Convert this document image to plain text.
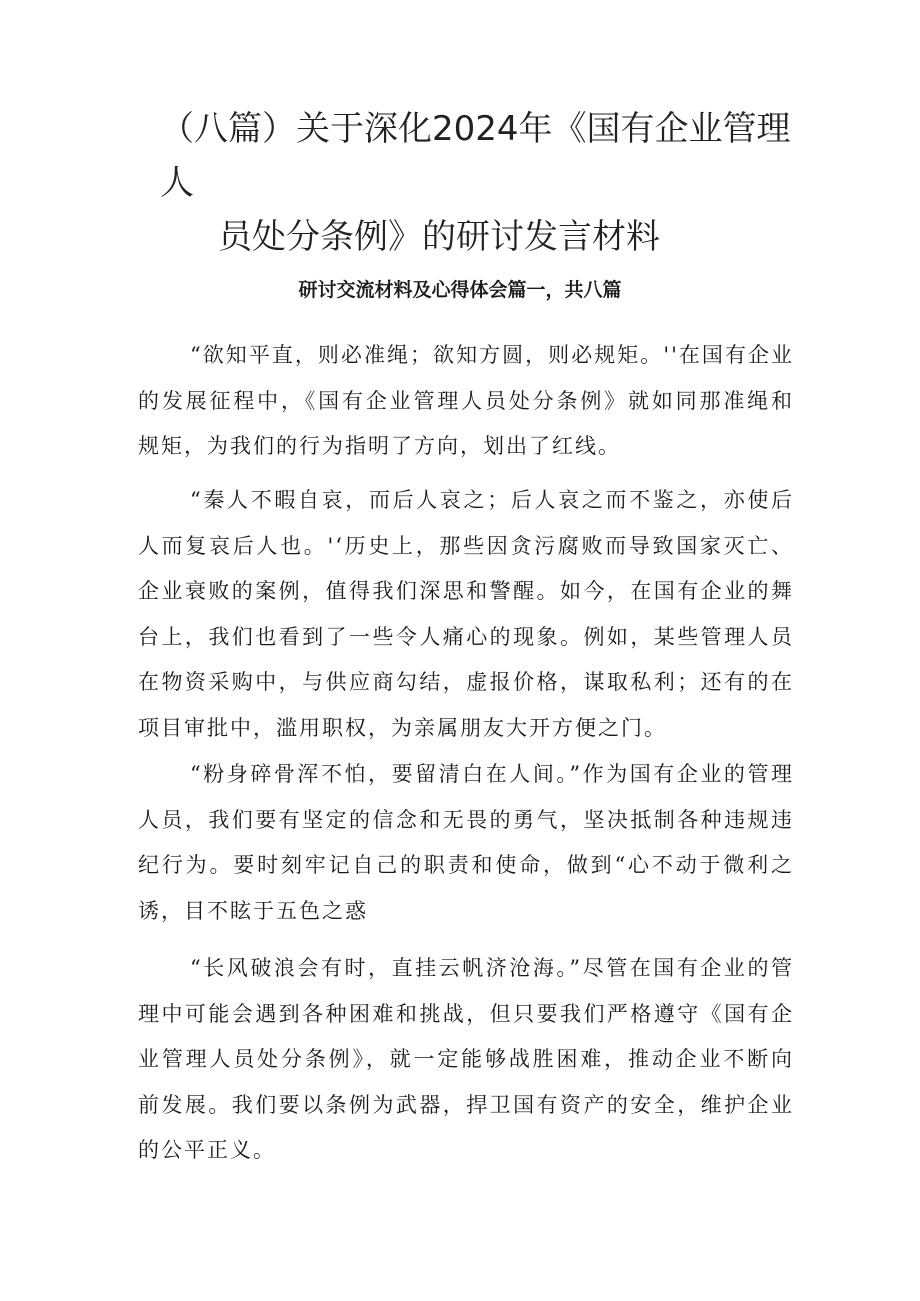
（八篇）关于深化2024年《国有企业管理人
员处分条例》的研讨发言材料
研讨交流材料及心得体会篇一，共八篇

“欲知平直，则必准绳；欲知方圆，则必规矩。''在国有企业的发展征程中，《国有企业管理人员处分条例》就如同那准绳和规矩，为我们的行为指明了方向，划出了红线。

“秦人不暇自哀，而后人哀之；后人哀之而不鉴之，亦使后人而复哀后人也。'‘历史上，那些因贪污腐败而导致国家灭亡、企业衰败的案例，值得我们深思和警醒。如今，在国有企业的舞台上，我们也看到了一些令人痛心的现象。例如，某些管理人员在物资采购中，与供应商勾结，虚报价格，谋取私利；还有的在项目审批中，滥用职权，为亲属朋友大开方便之门。

“粉身碎骨浑不怕，要留清白在人间。”作为国有企业的管理人员，我们要有坚定的信念和无畏的勇气，坚决抵制各种违规违纪行为。要时刻牢记自己的职责和使命，做到“心不动于微利之诱，目不眩于五色之惑

“长风破浪会有时，直挂云帆济沧海。”尽管在国有企业的管理中可能会遇到各种困难和挑战，但只要我们严格遵守《国有企业管理人员处分条例》，就一定能够战胜困难，推动企业不断向前发展。我们要以条例为武器，捍卫国有资产的安全，维护企业的公平正义。
